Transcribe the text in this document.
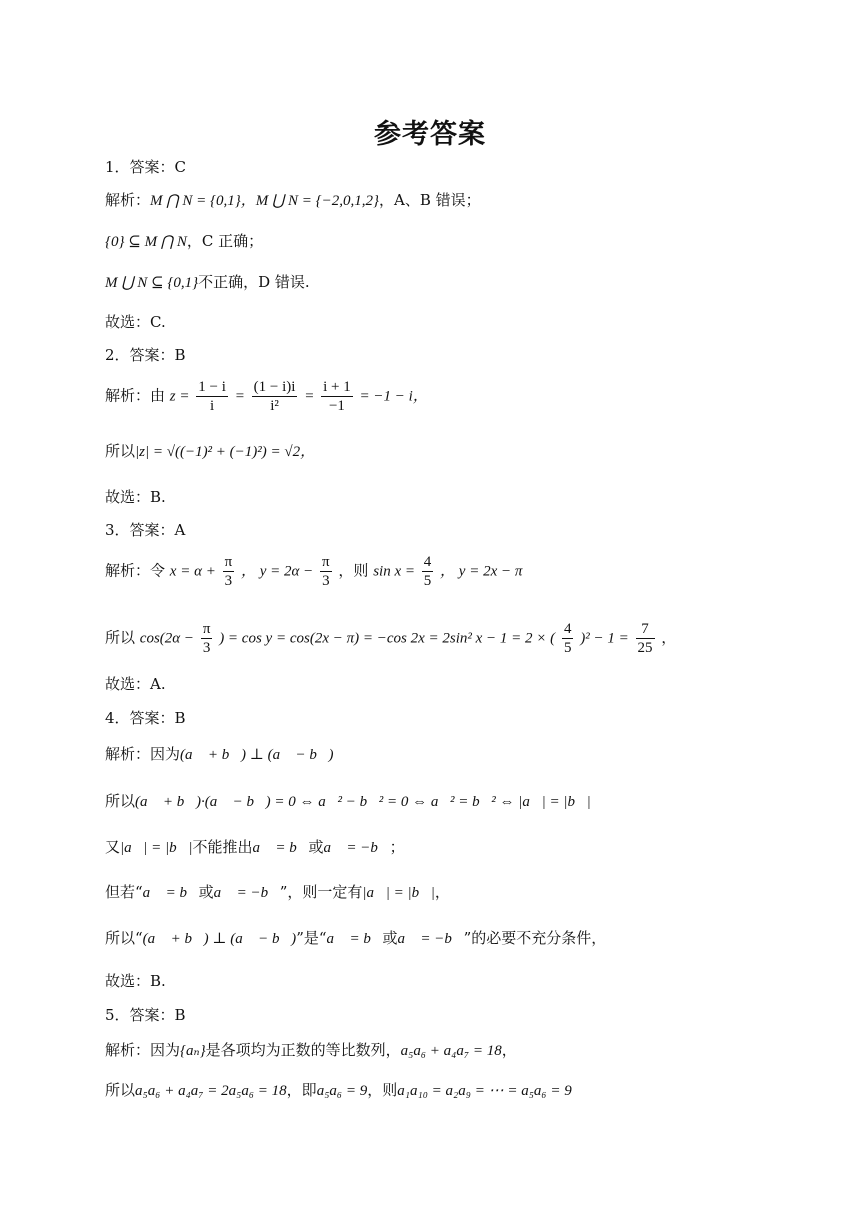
参考答案
1．答案：C
解析：M ⋂ N = {0,1}，M ⋃ N = {−2,0,1,2}，A、B 错误；
{0} ⊆ M ⋂ N，C 正确；
M ⋃ N ⊆ {0,1}不正确，D 错误.
故选：C.
2．答案：B
解析：由 $z = \frac{1 - i}{i} = \frac{(1 - i)i}{\text{i²}} = \frac{i + 1}{-1} = -1 - i$，
所以|z| = √((−1)² + (−1)²) = √2，
故选：B.
3．答案：A
解析：令 $x = \alpha + \frac{\pi}{3}$ ， $y = 2\alpha - \frac{\pi}{3}$ ，则 $\sin x = \frac{4}{5}$ ， y = 2x − π
所以 $\cos(2\alpha - \frac{\pi}{3}$ ) = cos y = cos(2x − π) = −cos 2x = 2sin² x − 1 = 2 × ( $\frac{4}{5} )^2 - 1 = \frac{7}{25}$ ，
故选：A.
4．答案：B
解析：因为(a⃗ + b⃗) ⊥ (a⃗ − b⃗)
所以(a⃗ + b⃗)·(a⃗ − b⃗) = 0 ⇔ a⃗² − b⃗² = 0 ⇔ a⃗² = b⃗² ⇔ |a⃗| = |b⃗|，
又|a⃗| = |b⃗|不能推出a⃗ = b⃗或a⃗ = −b⃗；
但若“a⃗ = b⃗或a⃗ = −b⃗”，则一定有|a⃗| = |b⃗|，
所以“(a⃗ + b⃗) ⊥ (a⃗ − b⃗)”是“a⃗ = b⃗或a⃗ = −b⃗”的必要不充分条件，
故选：B.
5．答案：B
解析：因为{aₙ}是各项均为正数的等比数列，a₅a₆ + a₄a₇ = 18，
所以a₅a₆ + a₄a₇ = 2a₅a₆ = 18，即a₅a₆ = 9，则a₁a₁₀ = a₂a₉ = ⋯ = a₅a₆ = 9
